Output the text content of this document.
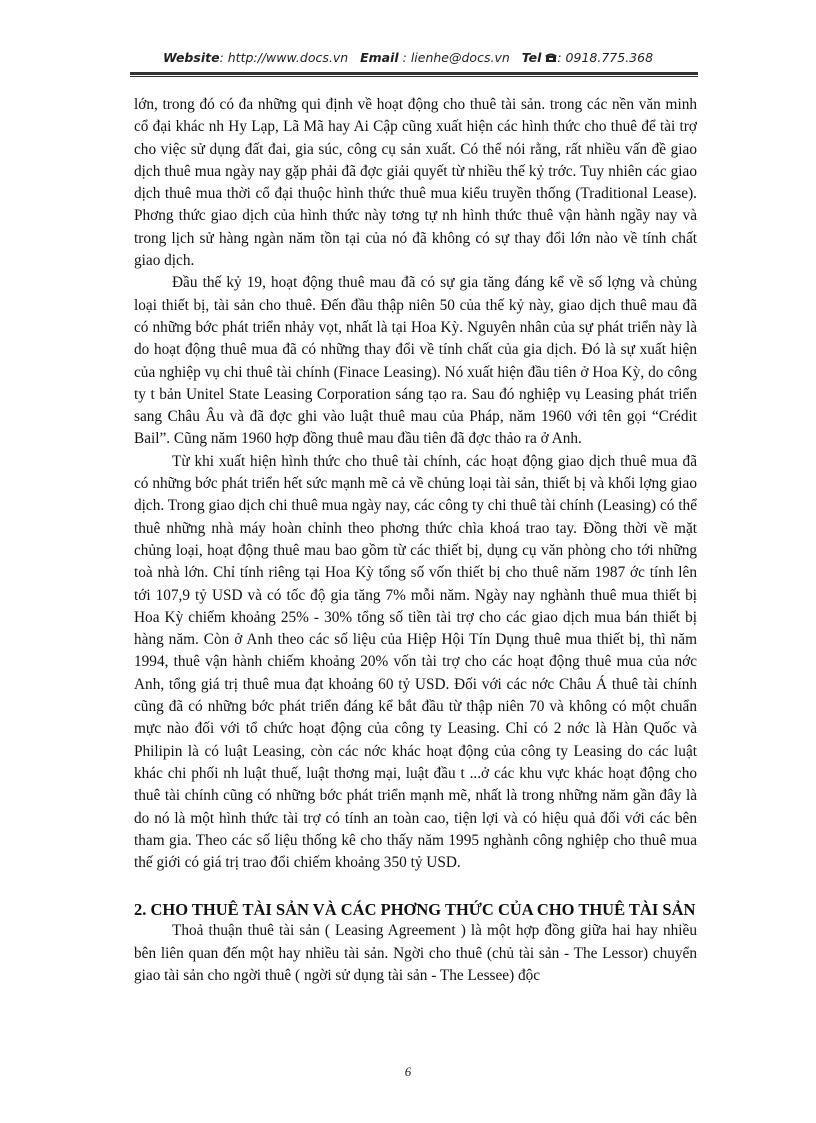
Website: http://www.docs.vn Email : lienhe@docs.vn Tel : 0918.775.368

lớn, trong đó có đa những qui định về hoạt động cho thuê tài sản. trong các nền văn minh cổ đại khác nh Hy Lạp, Lã Mã hay Ai Cập cũng xuất hiện các hình thức cho thuê để tài trợ cho việc sử dụng đất đai, gia súc, công cụ sản xuất. Có thể nói rằng, rất nhiều vấn đề giao dịch thuê mua ngày nay gặp phải đã đợc giải quyết từ nhiều thế kỷ trớc. Tuy nhiên các giao dịch thuê mua thời cổ đại thuộc hình thức thuê mua kiểu truyền thống (Traditional Lease). Phơng thức giao dịch của hình thức này tơng tự nh hình thức thuê vận hành ngầy nay và trong lịch sử hàng ngàn năm tồn tại của nó đã không có sự thay đổi lớn nào về tính chất giao dịch.

Đầu thế kỷ 19, hoạt động thuê mau đã có sự gia tăng đáng kể về số lợng và chủng loại thiết bị, tài sản cho thuê. Đến đầu thập niên 50 của thế kỷ này, giao dịch thuê mau đã có những bớc phát triển nhảy vọt, nhất là tại Hoa Kỳ. Nguyên nhân của sự phát triển này là do hoạt động thuê mua đã có những thay đổi về tính chất của gia dịch. Đó là sự xuất hiện của nghiệp vụ chi thuê tài chính (Finace Leasing). Nó xuất hiện đầu tiên ở Hoa Kỳ, do công ty t bản Unitel State Leasing Corporation sáng tạo ra. Sau đó nghiệp vụ Leasing phát triển sang Châu Âu và đã đợc ghi vào luật thuê mau của Pháp, năm 1960 với tên gọi “Crédit Bail”. Cũng năm 1960 hợp đồng thuê mau đầu tiên đã đợc thảo ra ở Anh.

Từ khi xuất hiện hình thức cho thuê tài chính, các hoạt động giao dịch thuê mua đã có những bớc phát triển hết sức mạnh mẽ cả về chủng loại tài sản, thiết bị và khối lợng giao dịch. Trong giao dịch chi thuê mua ngày nay, các công ty chi thuê tài chính (Leasing) có thể thuê những nhà máy hoàn chỉnh theo phơng thức chìa khoá trao tay. Đồng thời về mặt chủng loại, hoạt động thuê mau bao gồm từ các thiết bị, dụng cụ văn phòng cho tới những toà nhà lớn. Chỉ tính riêng tại Hoa Kỳ tổng số vốn thiết bị cho thuê năm 1987 ớc tính lên tới 107,9 tỷ USD và có tốc độ gia tăng 7% mỗi năm. Ngày nay nghành thuê mua thiết bị Hoa Kỳ chiếm khoảng 25% - 30% tổng số tiền tài trợ cho các giao dịch mua bán thiết bị hàng năm. Còn ở Anh theo các số liệu của Hiệp Hội Tín Dụng thuê mua thiết bị, thì năm 1994, thuê vận hành chiếm khoảng 20% vốn tài trợ cho các hoạt động thuê mua của nớc Anh, tổng giá trị thuê mua đạt khoảng 60 tỷ USD. Đối với các nớc Châu Á thuê tài chính cũng đã có những bớc phát triển đáng kể bắt đầu từ thập niên 70 và không có một chuẩn mực nào đối với tổ chức hoạt động của công ty Leasing. Chỉ có 2 nớc là Hàn Quốc và Philipin là có luật Leasing, còn các nớc khác hoạt động của công ty Leasing do các luật khác chi phối nh luật thuế, luật thơng mại, luật đầu t ...ở các khu vực khác hoạt động cho thuê tài chính cũng có những bớc phát triển mạnh mẽ, nhất là trong những năm gần đây là do nó là một hình thức tài trợ có tính an toàn cao, tiện lợi và có hiệu quả đối với các bên tham gia. Theo các số liệu thống kê cho thấy năm 1995 nghành công nghiệp cho thuê mua thế giới có giá trị trao đổi chiếm khoảng 350 tỷ USD.

2. CHO THUÊ TÀI SẢN VÀ CÁC PHƠNG THỨC CỦA CHO THUÊ TÀI SẢN

Thoả thuận thuê tài sản ( Leasing Agreement ) là một hợp đồng giữa hai hay nhiều bên liên quan đến một hay nhiều tài sản. Ngời cho thuê (chủ tài sản - The Lessor) chuyển giao tài sản cho ngời thuê ( ngời sử dụng tài sản - The Lessee) độc

6
